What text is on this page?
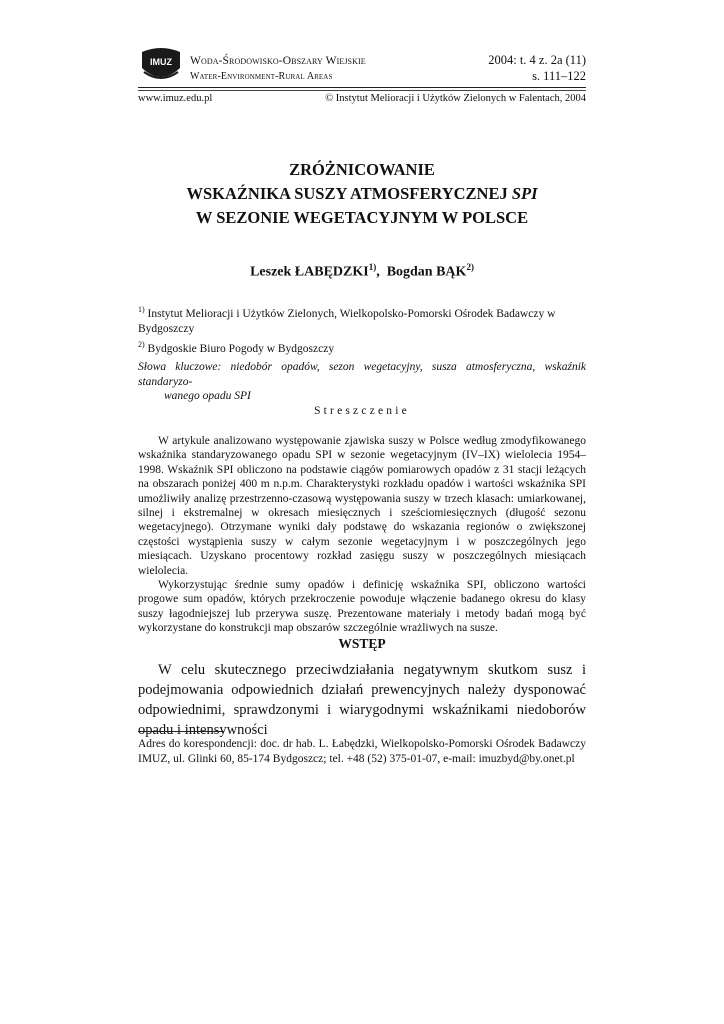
IMUZ Woda-Środowisko-Obszary Wiejskie
Water-Environment-Rural Areas
2004: t. 4 z. 2a (11)
s. 111–122
www.imuz.edu.pl	© Instytut Melioracji i Użytków Zielonych w Falentach, 2004
ZRÓŻNICOWANIE
WSKAŹNIKA SUSZY ATMOSFERYCZNEJ SPI
W SEZONIE WEGETACYJNYM W POLSCE
Leszek ŁABĘDZKI$^{1)}$,  Bogdan BĄK$^{2)}$
$^{1)}$ Instytut Melioracji i Użytków Zielonych, Wielkopolsko-Pomorski Ośrodek Badawczy w Bydgoszczy
$^{2)}$ Bydgoskie Biuro Pogody w Bydgoszczy
Słowa kluczowe: niedobór opadów, sezon wegetacyjny, susza atmosferyczna, wskaźnik standaryzo-
wanego opadu SPI
Streszczenie

W artykule analizowano występowanie zjawiska suszy w Polsce według zmodyfikowanego wskaźnika standaryzowanego opadu SPI w sezonie wegetacyjnym (IV–IX) wielolecia 1954–1998. Wskaźnik SPI obliczono na podstawie ciągów pomiarowych opadów z 31 stacji leżących na obszarach poniżej 400 m n.p.m. Charakterystyki rozkładu opadów i wartości wskaźnika SPI umożliwiły analizę przestrzenno-czasową występowania suszy w trzech klasach: umiarkowanej, silnej i ekstremalnej w okresach miesięcznych i sześciomiesięcznych (długość sezonu wegetacyjnego). Otrzymane wyniki dały podstawę do wskazania regionów o zwiększonej częstości wystąpienia suszy w całym sezonie wegetacyjnym i w poszczególnych jego miesiącach. Uzyskano procentowy rozkład zasięgu suszy w poszczególnych miesiącach wielolecia.

Wykorzystując średnie sumy opadów i definicję wskaźnika SPI, obliczono wartości progowe sum opadów, których przekroczenie powoduje włączenie badanego okresu do klasy suszy łagodniejszej lub przerywa suszę. Prezentowane materiały i metody badań mogą być wykorzystane do konstrukcji map obszarów szczególnie wrażliwych na susze.

WSTĘP

W celu skutecznego przeciwdziałania negatywnym skutkom susz i podejmowania odpowiednich działań prewencyjnych należy dysponować odpowiednimi, sprawdzonymi i wiarygodnymi wskaźnikami niedoborów opadu i intensywności

Adres do korespondencji: doc. dr hab. L. Łabędzki, Wielkopolsko-Pomorski Ośrodek Badawczy IMUZ, ul. Glinki 60, 85-174 Bydgoszcz; tel. +48 (52) 375-01-07, e-mail: imuzbyd@by.onet.pl
